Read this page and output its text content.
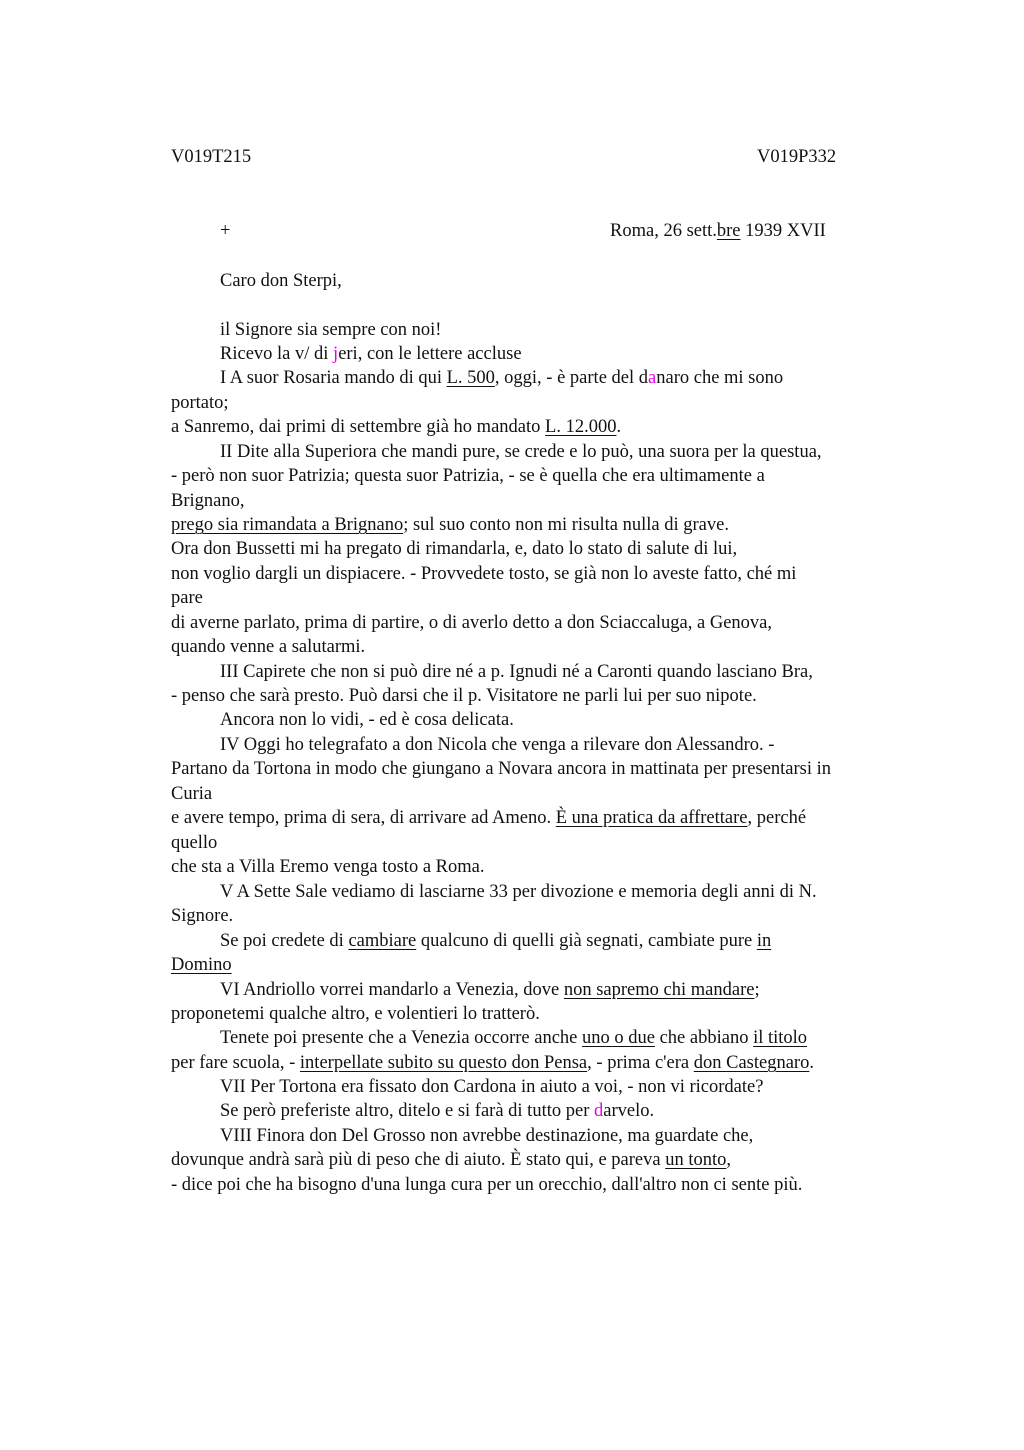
V019T215	V019P332
+	Roma, 26 sett.bre 1939 XVII
Caro don Sterpi,
il Signore sia sempre con noi!
Ricevo la v/ di jeri, con le lettere accluse
I A suor Rosaria mando di qui L. 500, oggi, - è parte del danaro che mi sono
portato;
a Sanremo, dai primi di settembre già ho mandato L. 12.000.
II Dite alla Superiora che mandi pure, se crede e lo può, una suora per la questua,
- però non suor Patrizia; questa suor Patrizia, - se è quella che era ultimamente a
Brignano,
prego sia rimandata a Brignano; sul suo conto non mi risulta nulla di grave.
Ora don Bussetti mi ha pregato di rimandarla, e, dato lo stato di salute di lui,
non voglio dargli un dispiacere. - Provvedete tosto, se già non lo aveste fatto, ché mi
pare
di averne parlato, prima di partire, o di averlo detto a don Sciaccaluga, a Genova,
quando venne a salutarmi.
III Capirete che non si può dire né a p. Ignudi né a Caronti quando lasciano Bra,
- penso che sarà presto. Può darsi che il p. Visitatore ne parli lui per suo nipote.
Ancora non lo vidi, - ed è cosa delicata.
IV Oggi ho telegrafato a don Nicola che venga a rilevare don Alessandro. -
Partano da Tortona in modo che giungano a Novara ancora in mattinata per presentarsi in
Curia
e avere tempo, prima di sera, di arrivare ad Ameno. È una pratica da affrettare, perché
quello
che sta a Villa Eremo venga tosto a Roma.
V A Sette Sale vediamo di lasciarne 33 per divozione e memoria degli anni di N.
Signore.
Se poi credete di cambiare qualcuno di quelli già segnati, cambiate pure in
Domino
VI Andriollo vorrei mandarlo a Venezia, dove non sapremo chi mandare;
proponetemi qualche altro, e volentieri lo tratterò.
Tenete poi presente che a Venezia occorre anche uno o due che abbiano il titolo
per fare scuola, - interpellate subito su questo don Pensa, - prima c'era don Castegnaro.
VII Per Tortona era fissato don Cardona in aiuto a voi, - non vi ricordate?
Se però preferiste altro, ditelo e si farà di tutto per darvelo.
VIII Finora don Del Grosso non avrebbe destinazione, ma guardate che,
dovunque andrà sarà più di peso che di aiuto. È stato qui, e pareva un tonto,
- dice poi che ha bisogno d'una lunga cura per un orecchio, dall'altro non ci sente più.
